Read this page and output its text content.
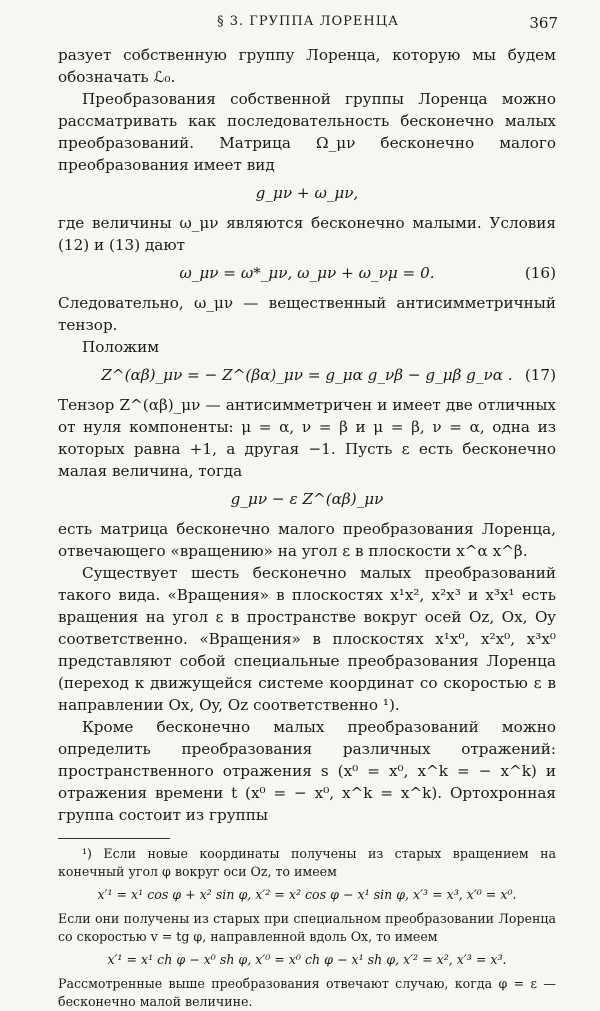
§ 3. ГРУППА ЛОРЕНЦА	367

разует собственную группу Лоренца, которую мы будем обозначать ℒ₀.

Преобразования собственной группы Лоренца можно рассматривать как последовательность бесконечно малых преобразований. Матрица Ω_μν бесконечно малого преобразования имеет вид

g_μν + ω_μν,

где величины ω_μν являются бесконечно малыми. Условия (12) и (13) дают

ω_μν = ω*_μν, ω_μν + ω_νμ = 0.	(16)

Следовательно, ω_μν — вещественный антисимметричный тензор.

Положим

Z^(αβ)_μν = − Z^(βα)_μν = g_μα g_νβ − g_μβ g_να . (17)

Тензор Z^(αβ)_μν — антисимметричен и имеет две отличных от нуля компоненты: μ = α, ν = β и μ = β, ν = α, одна из которых равна +1, а другая −1. Пусть ε есть бесконечно малая величина, тогда

g_μν − ε Z^(αβ)_μν

есть матрица бесконечно малого преобразования Лоренца, отвечающего «вращению» на угол ε в плоскости x^α x^β.

Существует шесть бесконечно малых преобразований такого вида. «Вращения» в плоскостях x¹x², x²x³ и x³x¹ есть вращения на угол ε в пространстве вокруг осей Oz, Ox, Oy соответственно. «Вращения» в плоскостях x¹x⁰, x²x⁰, x³x⁰ представляют собой специальные преобразования Лоренца (переход к движущейся системе координат со скоростью ε в направлении Ox, Oy, Oz соответственно ¹).

Кроме бесконечно малых преобразований можно определить преобразования различных отражений: пространственного отражения s (x⁰ = x⁰, x^k = − x^k) и отражения времени t (x⁰ = − x⁰, x^k = x^k). Ортохронная группа состоит из группы

¹) Если новые координаты получены из старых вращением на конечный угол φ вокруг оси Oz, то имеем

x′¹ = x¹ cos φ + x² sin φ, x′² = x² cos φ − x¹ sin φ, x′³ = x³, x′⁰ = x⁰.

Если они получены из старых при специальном преобразовании Лоренца со скоростью v = tg φ, направленной вдоль Ox, то имеем

x′¹ = x¹ ch φ − x⁰ sh φ, x′⁰ = x⁰ ch φ − x¹ sh φ, x′² = x², x′³ = x³.

Рассмотренные выше преобразования отвечают случаю, когда φ = ε — бесконечно малой величине.
